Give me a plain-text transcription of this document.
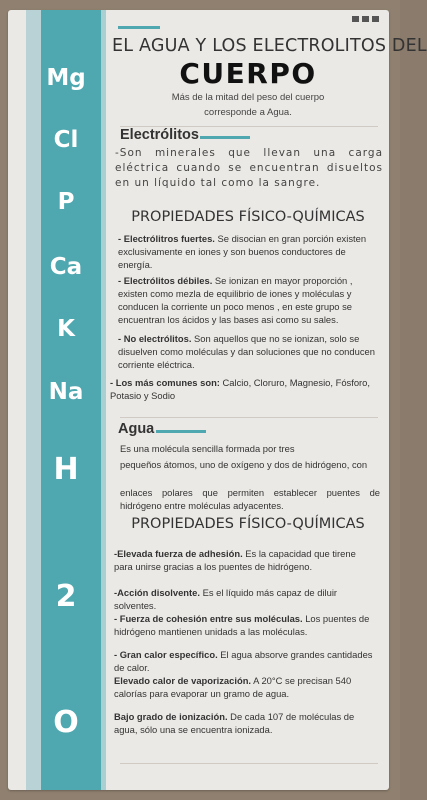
Mg
Cl
P
Ca
K
Na
H
2
O
EL AGUA Y LOS ELECTROLITOS DEL
CUERPO
Más de la mitad del peso del cuerpo corresponde a Agua.
Electrólitos
-Son minerales que llevan una carga eléctrica cuando se encuentran disueltos en un líquido tal como la sangre.
PROPIEDADES FÍSICO-QUÍMICAS
- Electrólitros fuertes. Se disocian en gran porción existen exclusivamente en iones y son buenos conductores de energía.
- Electrólitos débiles. Se ionizan en mayor proporción , existen como mezla de equilibrio de iones y moléculas y conducen la corriente un poco menos , en este grupo se encuentran los ácidos y las bases asi como su sales.
- No electrólitos. Son aquellos que no se ionizan, solo se disuelven como moléculas y dan soluciones que no conducen corriente eléctrica.
- Los más comunes son: Calcio, Cloruro, Magnesio, Fósforo, Potasio y Sodio
Agua
Es una molécula sencilla formada por tres
pequeños átomos, uno de oxígeno y dos de hidrógeno, con
enlaces polares que permiten establecer puentes de hidrógeno entre moléculas adyacentes.
PROPIEDADES FÍSICO-QUÍMICAS
-Elevada fuerza de adhesión. Es la capacidad que tirene para unirse gracias a los puentes de hidrógeno.
-Acción disolvente. Es el líquido más capaz de diluir solventes.
- Fuerza de cohesión entre sus moléculas. Los puentes de hidrógeno mantienen unidads a las moléculas.
- Gran calor específico. El agua absorve grandes cantidades de calor.
Elevado calor de vaporización. A 20°C se precisan 540 calorías para evaporar un gramo de agua.
Bajo grado de ionización. De cada 107 de moléculas de agua, sólo una se encuentra ionizada.
